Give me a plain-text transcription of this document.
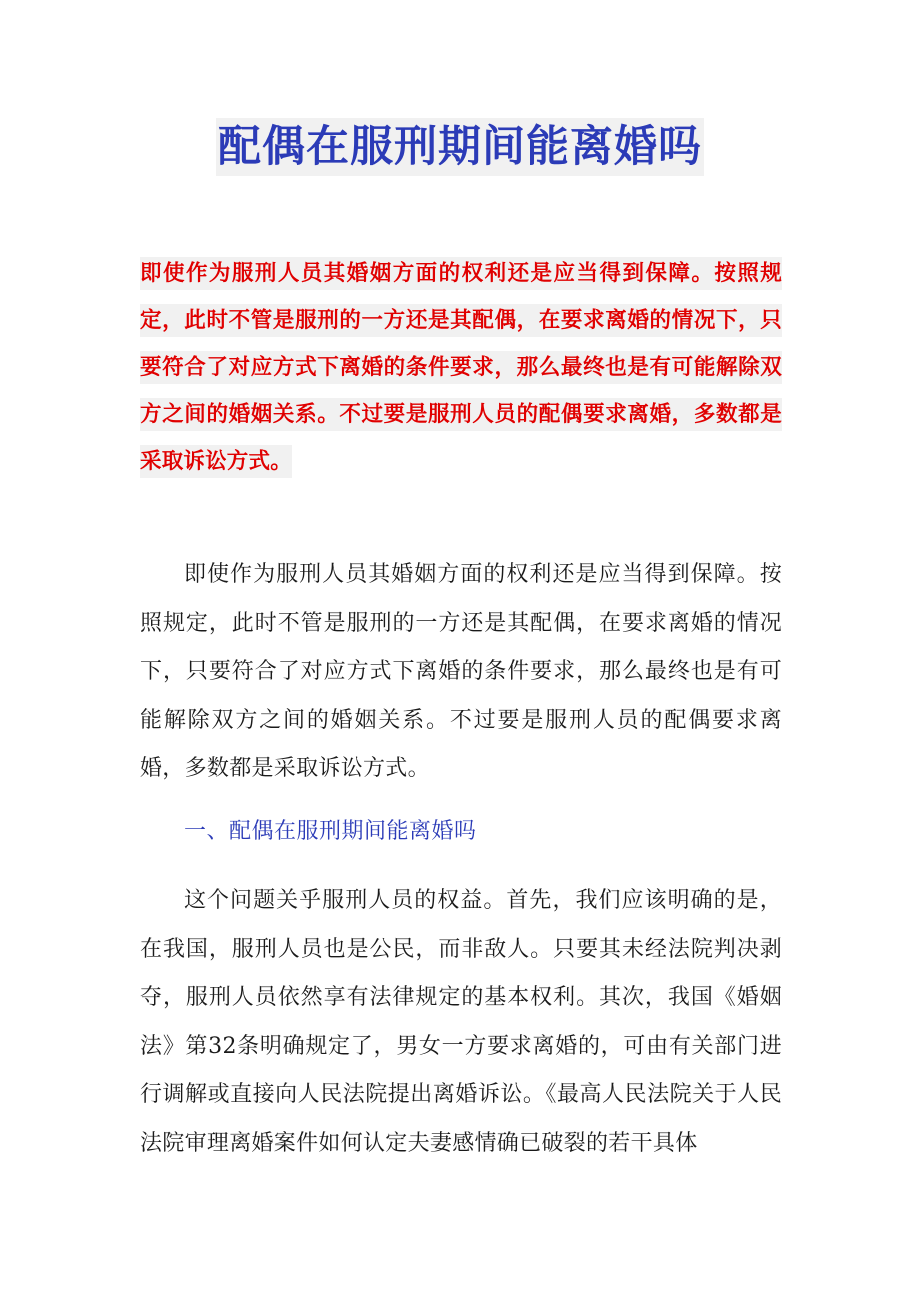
配偶在服刑期间能离婚吗
即使作为服刑人员其婚姻方面的权利还是应当得到保障。按照规定，此时不管是服刑的一方还是其配偶，在要求离婚的情况下，只要符合了对应方式下离婚的条件要求，那么最终也是有可能解除双方之间的婚姻关系。不过要是服刑人员的配偶要求离婚，多数都是采取诉讼方式。

即使作为服刑人员其婚姻方面的权利还是应当得到保障。按照规定，此时不管是服刑的一方还是其配偶，在要求离婚的情况下，只要符合了对应方式下离婚的条件要求，那么最终也是有可能解除双方之间的婚姻关系。不过要是服刑人员的配偶要求离婚，多数都是采取诉讼方式。

一、配偶在服刑期间能离婚吗

这个问题关乎服刑人员的权益。首先，我们应该明确的是，在我国，服刑人员也是公民，而非敌人。只要其未经法院判决剥夺，服刑人员依然享有法律规定的基本权利。其次，我国《婚姻法》第32条明确规定了，男女一方要求离婚的，可由有关部门进行调解或直接向人民法院提出离婚诉讼。《最高人民法院关于人民法院审理离婚案件如何认定夫妻感情确已破裂的若干具体
